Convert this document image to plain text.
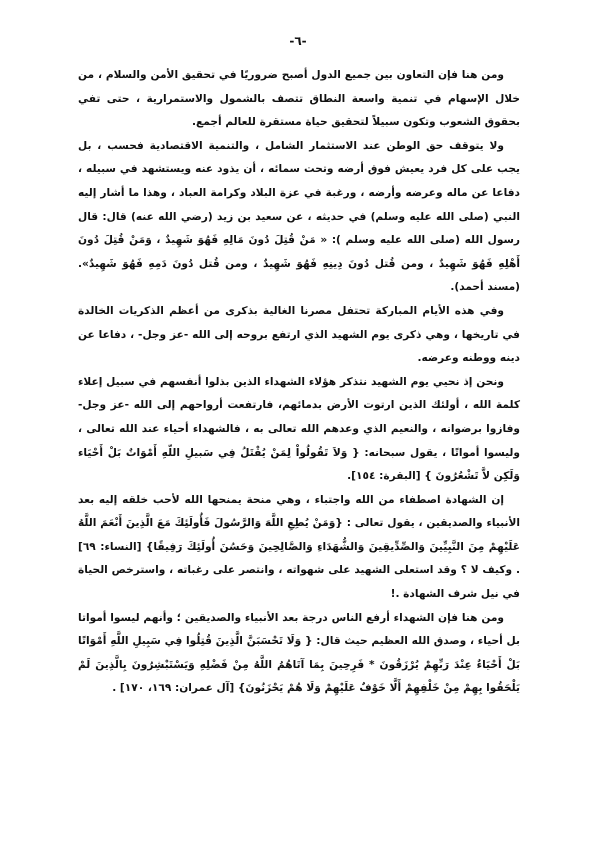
-٦-

ومن هنا فإن التعاون بين جميع الدول أصبح ضروريًا في تحقيق الأمن والسلام ، من خلال الإسهام في تنمية واسعة النطاق تتصف بالشمول والاستمرارية ، حتى تفي بحقوق الشعوب وتكون سبيلاً لتحقيق حياة مستقرة للعالم أجمع.

ولا يتوقف حق الوطن عند الاستثمار الشامل ، والتنمية الاقتصادية فحسب ، بل يجب على كل فرد يعيش فوق أرضه وتحت سمائه ، أن يذود عنه ويستشهد في سبيله ، دفاعا عن ماله وعرضه وأرضه ، ورغبة في عزة البلاد وكرامة العباد ، وهذا ما أشار إليه النبي (صلى الله عليه وسلم) في حديثه ، عن سعيد بن زيد (رضي الله عنه) قال: قال رسول الله (صلى الله عليه وسلم ): « مَنْ قُتِلَ دُونَ مَالِهِ فَهُوَ شَهِيدٌ ، وَمَنْ قُتِلَ دُونَ أَهْلِهِ فَهُوَ شَهِيدٌ ، ومن قُتل دُونَ دِينِهِ فَهُوَ شَهِيدٌ ، ومن قُتل دُونَ دَمِهِ فَهُوَ شَهِيدٌ».(مسند أحمد).

وفي هذه الأيام المباركة تحتفل مصرنا الغالية بذكرى من أعظم الذكريات الخالدة في تاريخها ، وهي ذكرى يوم الشهيد الذي ارتفع بروحه إلى الله -عز وجل- ، دفاعا عن دينه ووطنه وعرضه.

ونحن إذ نحيي يوم الشهيد نتذكر هؤلاء الشهداء الذين بذلوا أنفسهم في سبيل إعلاء كلمة الله ، أولئك الذين ارتوت الأرض بدمائهم، فارتفعت أرواحهم إلى الله -عز وجل- وفازوا برضوانه ، والنعيم الذي وعدهم الله تعالى به ، فالشهداء أحياء عند الله تعالى ، وليسوا أمواتًا ، يقول سبحانه: { وَلاَ تَقُولُواْ لِمَنْ يُقْتَلُ فِي سَبيلِ اللّهِ أَمْوَاتٌ بَلْ أَحْيَاء وَلَكِن لاَّ تَشْعُرُونَ } [البقرة: ١٥٤].

إن الشهادة اصطفاء من الله واجتباء ، وهي منحة يمنحها الله لأحب خلقه إليه بعد الأنبياء والصديقين ، يقول تعالى : {وَمَنْ يُطِعِ اللَّهَ وَالرَّسُولَ فَأُولَئِكَ مَعَ الَّذِينَ أَنْعَمَ اللَّهُ عَلَيْهِمْ مِنَ النَّبِيِّينَ وَالصِّدِّيقِينَ وَالشُّهَدَاءِ وَالصَّالِحِينَ وَحَسُنَ أُولَئِكَ رَفِيقًا} [النساء: ٦٩] . وكيف لا ؟ وقد استعلى الشهيد على شهواته ، وانتصر على رغباته ، واسترخص الحياة في نيل شرف الشهادة .!

ومن هنا فإن الشهداء أرفع الناس درجة بعد الأنبياء والصديقين ؛ وأنهم ليسوا أمواتا بل أحياء ، وصدق الله العظيم حيث قال: { وَلَا تَحْسَبَنَّ الَّذِينَ قُتِلُوا فِي سَبِيلِ اللَّهِ أَمْوَاتًا بَلْ أَحْيَاءٌ عِنْدَ رَبِّهِمْ يُرْزَقُونَ * فَرِحِينَ بِمَا آتَاهُمُ اللَّهُ مِنْ فَضْلِهِ وَيَسْتَبْشِرُونَ بِالَّذِينَ لَمْ يَلْحَقُوا بِهِمْ مِنْ خَلْفِهِمْ أَلَّا خَوْفٌ عَلَيْهِمْ وَلَا هُمْ يَحْزَنُونَ} [آل عمران: ١٦٩، ١٧٠] .
